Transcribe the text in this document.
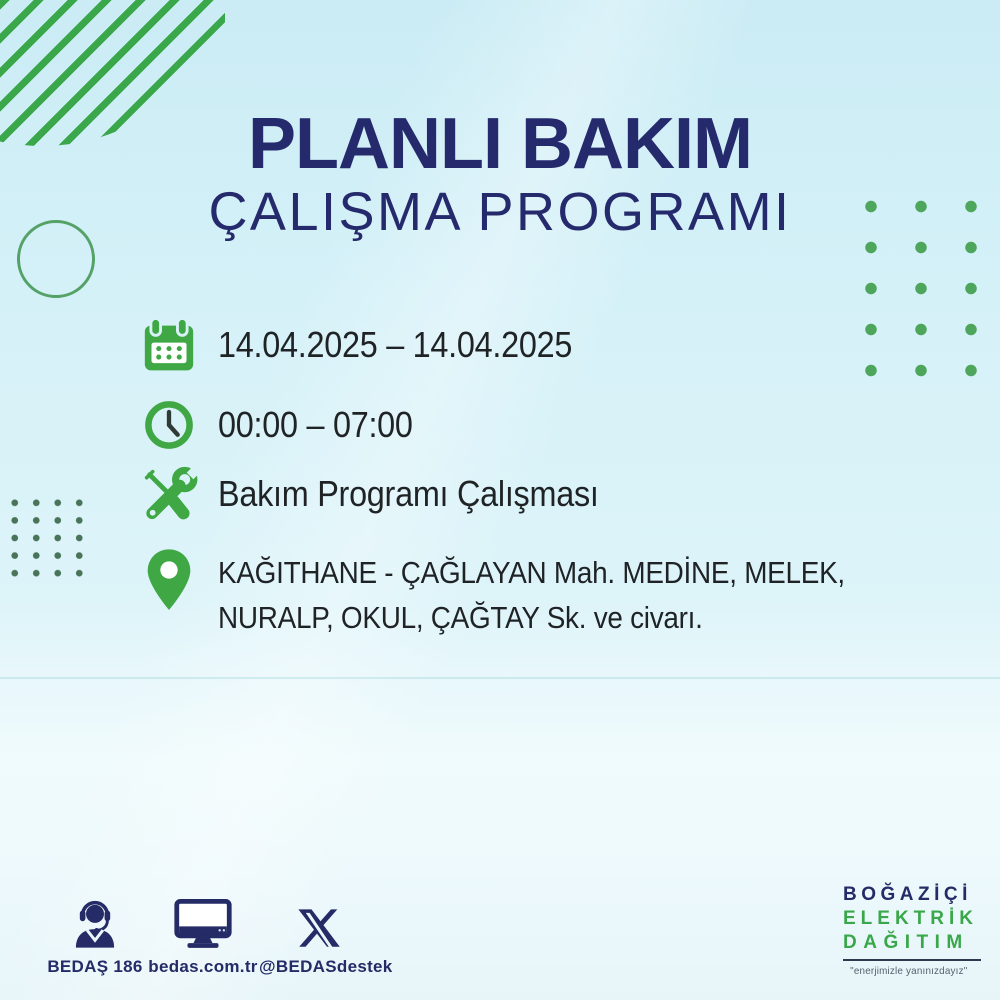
PLANLI BAKIM
ÇALIŞMA PROGRAMI
14.04.2025 – 14.04.2025
00:00 – 07:00
Bakım Programı Çalışması
KAĞITHANE - ÇAĞLAYAN Mah. MEDİNE, MELEK,
NURALP, OKUL, ÇAĞTAY Sk. ve civarı.
BEDAŞ 186 bedas.com.tr @BEDASdestek
BOĞAZİÇİ
ELEKTRİK
DAĞITIM
"enerjimizle yanınızdayız"
